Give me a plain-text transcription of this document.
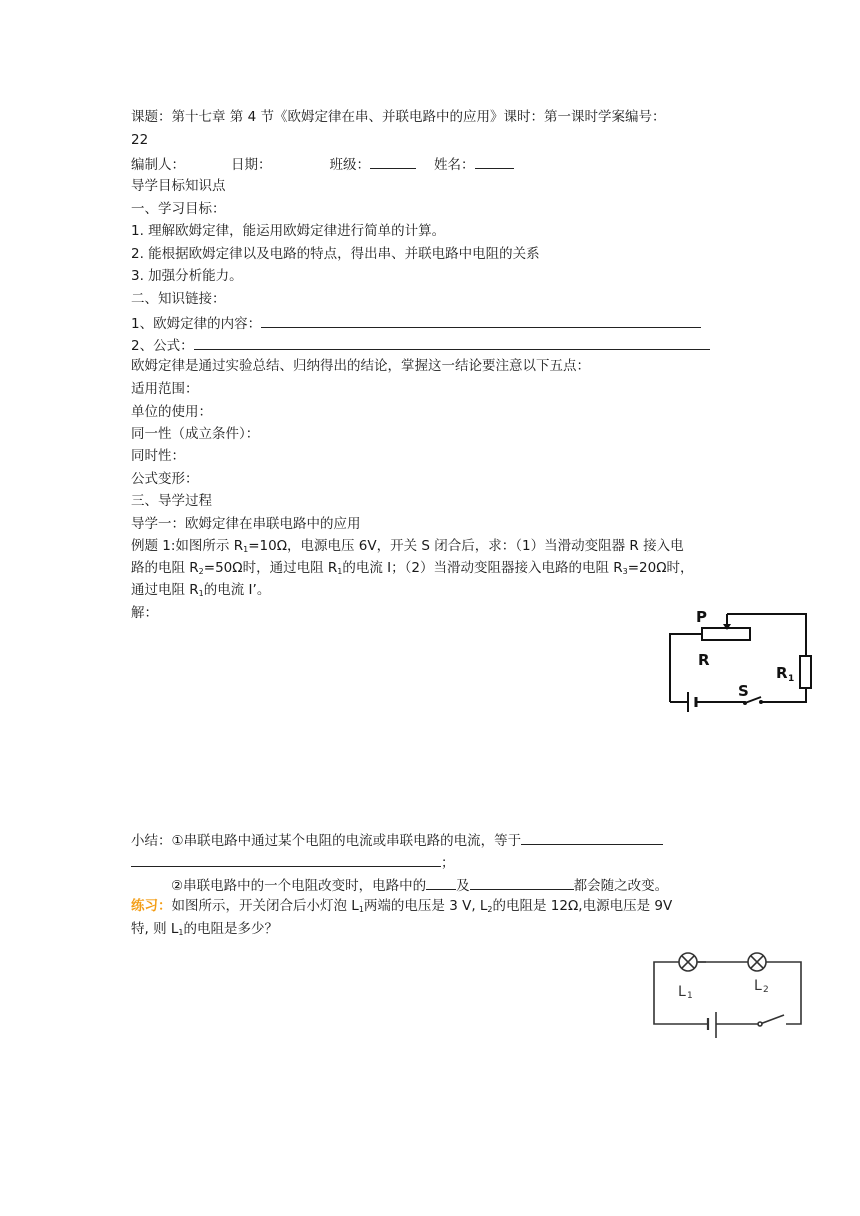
课题：第十七章 第 4 节《欧姆定律在串、并联电路中的应用》课时：第一课时学案编号：
22
编制人：	日期：	班级：	姓名：
导学目标知识点
一、学习目标：
1. 理解欧姆定律，能运用欧姆定律进行简单的计算。
2. 能根据欧姆定律以及电路的特点，得出串、并联电路中电阻的关系
3. 加强分析能力。
二、知识链接：
1、欧姆定律的内容：
2、公式：
欧姆定律是通过实验总结、归纳得出的结论，掌握这一结论要注意以下五点：
适用范围：
单位的使用：
同一性（成立条件）：
同时性：
公式变形：
三、导学过程
导学一：欧姆定律在串联电路中的应用
例题 1:如图所示 $R_1=10\Omega$，电源电压 6V，开关 S 闭合后，求：（1）当滑动变阻器 R 接入电
路的电阻 $R_2=50\Omega$时，通过电阻 $R_1$的电流 I；（2）当滑动变阻器接入电路的电阻 $R_3=20\Omega$时，
通过电阻 $R_1$的电流 I’。
解：	P
R
S
R 1
小结：①串联电路中通过某个电阻的电流或串联电路的电流，等于
；
②串联电路中的一个电阻改变时，电路中的 及	都会随之改变。
练习：如图所示，开关闭合后小灯泡 $L_1$两端的电压是 3 V, $L_2$的电阻是 12Ω,电源电压是 9V
特, 则 $L_1$的电阻是多少？
L 1
L 2
